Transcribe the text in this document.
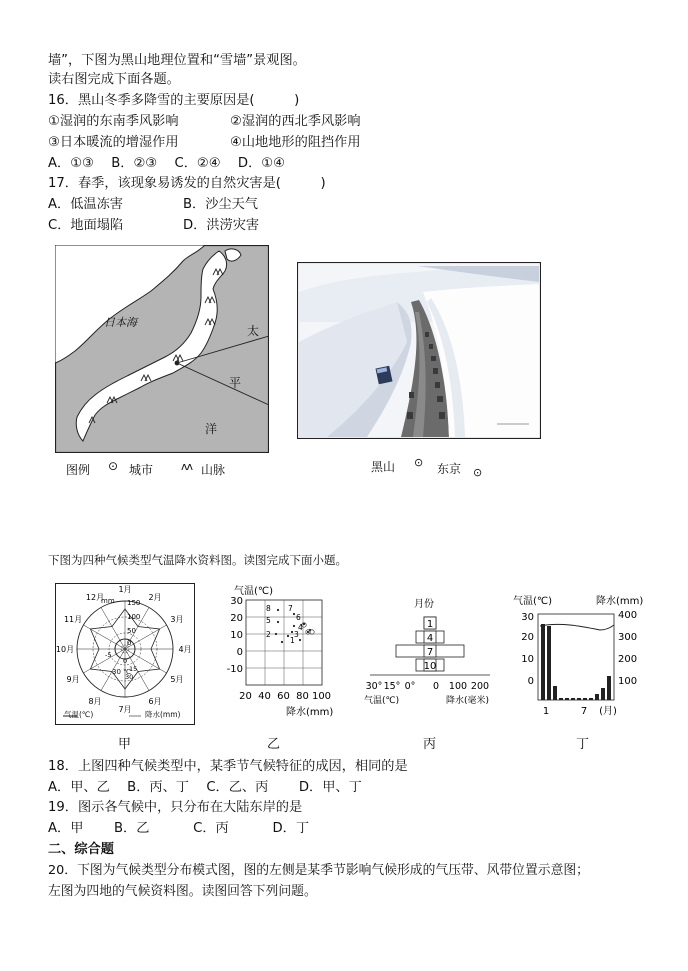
墙”，下图为黑山地理位置和“雪墙”景观图。
读右图完成下面各题。
16．黑山冬季多降雪的主要原因是(　　　)
①湿润的东南季风影响	②湿润的西北季风影响
③日本暖流的增湿作用	④山地地形的阻挡作用
A．①③　 B．②③　 C．②④　 D．①④
17．春季，该现象易诱发的自然灾害是(　　　)
A．低温冻害	B．沙尘天气
C．地面塌陷	D．洪涝灾害
日本海
太
平
洋
图例 ⊙ 城市	ʌʌ 山脉	黑山 ⊙ 东京 ⊙
下图为四种气候类型气温降水资料图。读图完成下面小题。
1月
2月
3月
4月
5月
6月
7月
8月
9月
10月
11月
12月
150
100
50
0
-5
0
15
30
气温(℃)	降水(mm)
mm
30 ℃
气温(℃)
30
20
10
0
-10
20 40 60 80 100
8 7
5	6
4
2	3
1
降水(mm)
月份
1
4
7
10
30° 15° 0° 0 100 200
气温(℃)	降水(毫米)
气温(℃)	降水(mm)
30
20
10
0
400
300
200
100
1	7 (月)
甲	乙	丙	丁
18．上图四种气候类型中，某季节气候特征的成因，相同的是
A．甲、乙　 B．丙、丁　 C．乙、丙　　 D．甲、丁
19．图示各气候中，只分布在大陆东岸的是
A．甲　　 B．乙　　　 C．丙　　　 D．丁
二、综合题
20．下图为气候类型分布模式图，图的左侧是某季节影响气候形成的气压带、风带位置示意图；
左图为四地的气候资料图。读图回答下列问题。
